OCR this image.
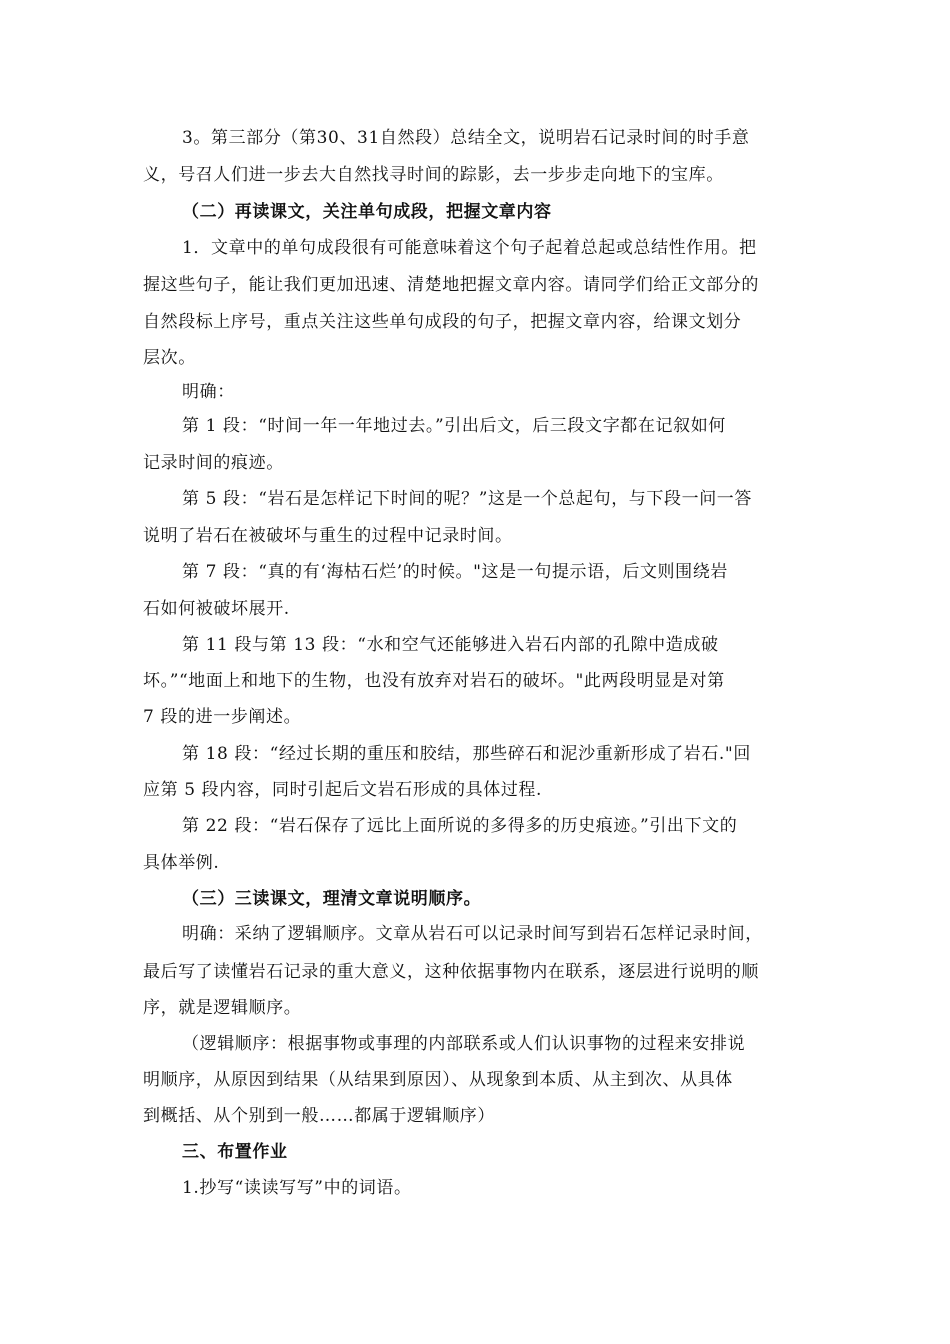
3。第三部分（第30、31自然段）总结全文，说明岩石记录时间的时手意
义，号召人们进一步去大自然找寻时间的踪影，去一步步走向地下的宝库。
（二）再读课文，关注单句成段，把握文章内容
1．文章中的单句成段很有可能意味着这个句子起着总起或总结性作用。把
握这些句子，能让我们更加迅速、清楚地把握文章内容。请同学们给正文部分的
自然段标上序号，重点关注这些单句成段的句子，把握文章内容，给课文划分
层次。
明确：
第 1 段：“时间一年一年地过去。”引出后文，后三段文字都在记叙如何
记录时间的痕迹。
第 5 段：“岩石是怎样记下时间的呢？”这是一个总起句，与下段一问一答
说明了岩石在被破坏与重生的过程中记录时间。
第 7 段：“真的有‘海枯石烂’的时候。"这是一句提示语，后文则围绕岩
石如何被破坏展开.
第 11 段与第 13 段：“水和空气还能够进入岩石内部的孔隙中造成破
坏。”“地面上和地下的生物，也没有放弃对岩石的破坏。"此两段明显是对第
7 段的进一步阐述。
第 18 段：“经过长期的重压和胶结，那些碎石和泥沙重新形成了岩石."回
应第 5 段内容，同时引起后文岩石形成的具体过程.
第 22 段：“岩石保存了远比上面所说的多得多的历史痕迹。”引出下文的
具体举例.
（三）三读课文，理清文章说明顺序。
明确：采纳了逻辑顺序。文章从岩石可以记录时间写到岩石怎样记录时间，
最后写了读懂岩石记录的重大意义，这种依据事物内在联系，逐层进行说明的顺
序，就是逻辑顺序。
（逻辑顺序：根据事物或事理的内部联系或人们认识事物的过程来安排说
明顺序，从原因到结果（从结果到原因）、从现象到本质、从主到次、从具体
到概括、从个别到一般……都属于逻辑顺序）
三、布置作业
1.抄写“读读写写”中的词语。
